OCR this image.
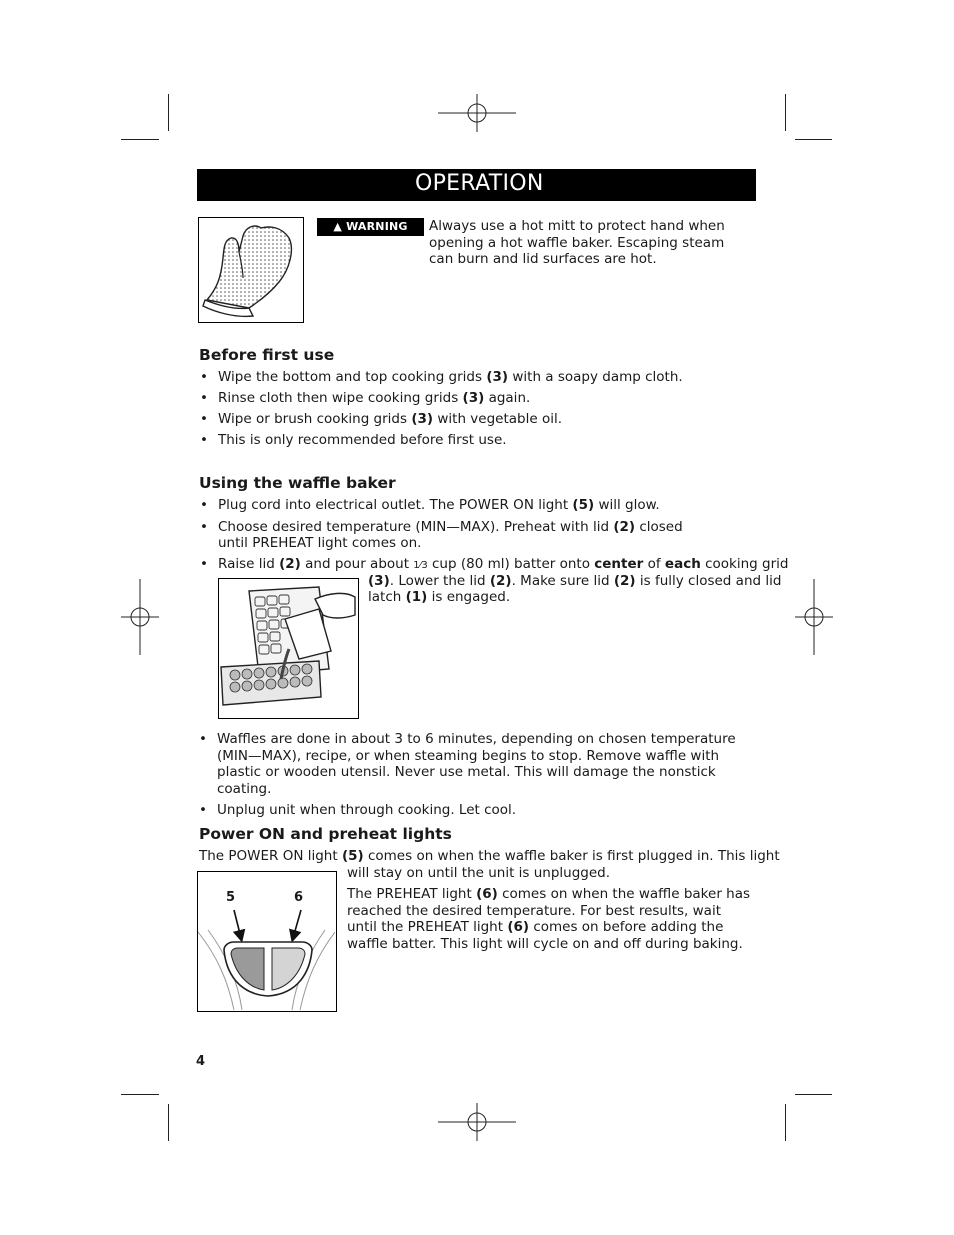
OPERATION
▲ WARNING	Always use a hot mitt to protect hand when opening a hot waffle baker. Escaping steam can burn and lid surfaces are hot.
Before first use
• Wipe the bottom and top cooking grids (3) with a soapy damp cloth.
• Rinse cloth then wipe cooking grids (3) again.
• Wipe or brush cooking grids (3) with vegetable oil.
• This is only recommended before first use.
Using the waffle baker
• Plug cord into electrical outlet. The POWER ON light (5) will glow.
• Choose desired temperature (MIN—MAX). Preheat with lid (2) closed until PREHEAT light comes on.
• Raise lid (2) and pour about 1⁄3 cup (80 ml) batter onto center of each cooking grid
(3). Lower the lid (2). Make sure lid (2) is fully closed and lid
latch (1) is engaged.
• Waffles are done in about 3 to 6 minutes, depending on chosen temperature (MIN—MAX), recipe, or when steaming begins to stop. Remove waffle with plastic or wooden utensil. Never use metal. This will damage the nonstick coating.
• Unplug unit when through cooking. Let cool.
Power ON and preheat lights
The POWER ON light (5) comes on when the waffle baker is first plugged in. This light
will stay on until the unit is unplugged.
The PREHEAT light (6) comes on when the waffle baker has reached the desired temperature. For best results, wait until the PREHEAT light (6) comes on before adding the waffle batter. This light will cycle on and off during baking.
5	6
4
